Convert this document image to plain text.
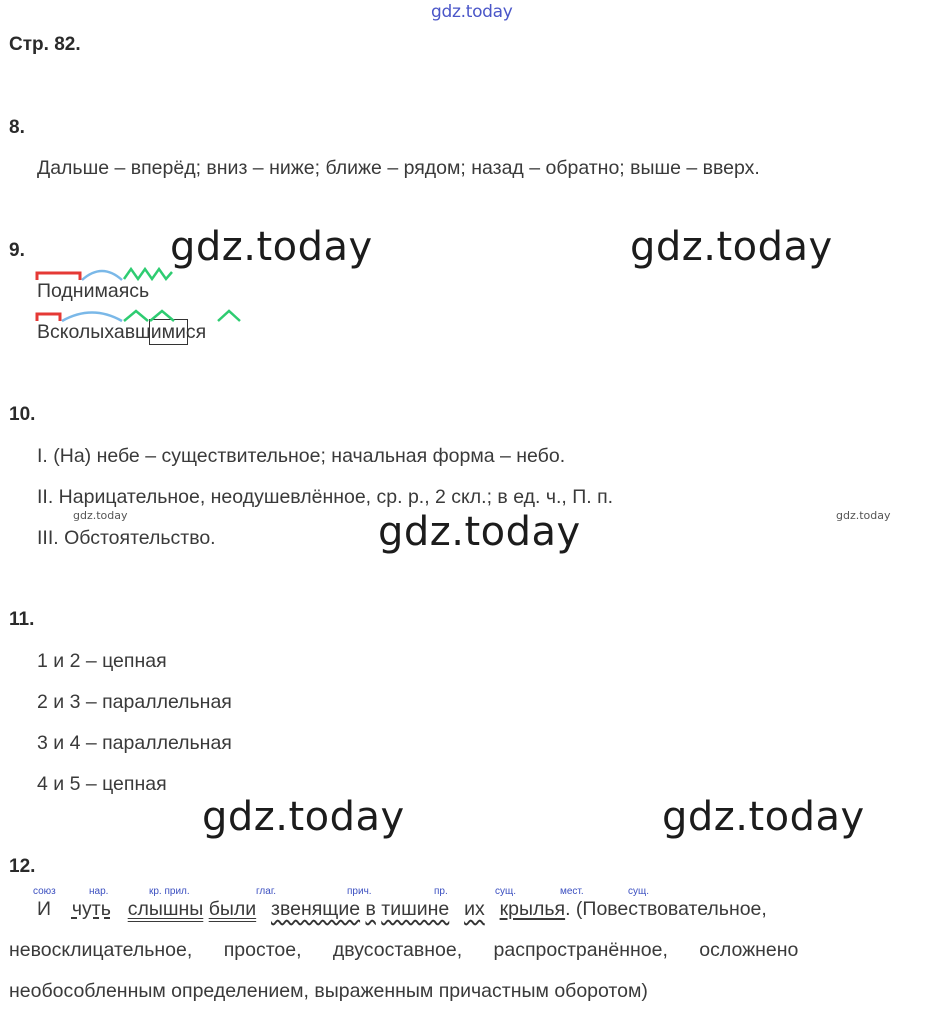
gdz.today
Стр. 82.
8.
Дальше – вперёд; вниз – ниже; ближе – рядом; назад – обратно; выше – вверх.
9.	gdz.today	gdz.today
Поднимаясь
Всколыхавшимися
10.
I. (На) небе – существительное; начальная форма – небо.
II. Нарицательное, неодушевлённое, ср. р., 2 скл.; в ед. ч., П. п.
gdz.today	gdz.today
III. Обстоятельство.	gdz.today
11.
1 и 2 – цепная
2 и 3 – параллельная
3 и 4 – параллельная
4 и 5 – цепная
gdz.today	gdz.today
12.
союз	нар.	кр. прил.	глаг.	прич.	пр.	сущ.	мест.	сущ.
И чуть слышны были звенящие в тишине их крылья. (Повествовательное,
невосклицательное, простое, двусоставное, распространённое, осложнено
необособленным определением, выраженным причастным оборотом)
